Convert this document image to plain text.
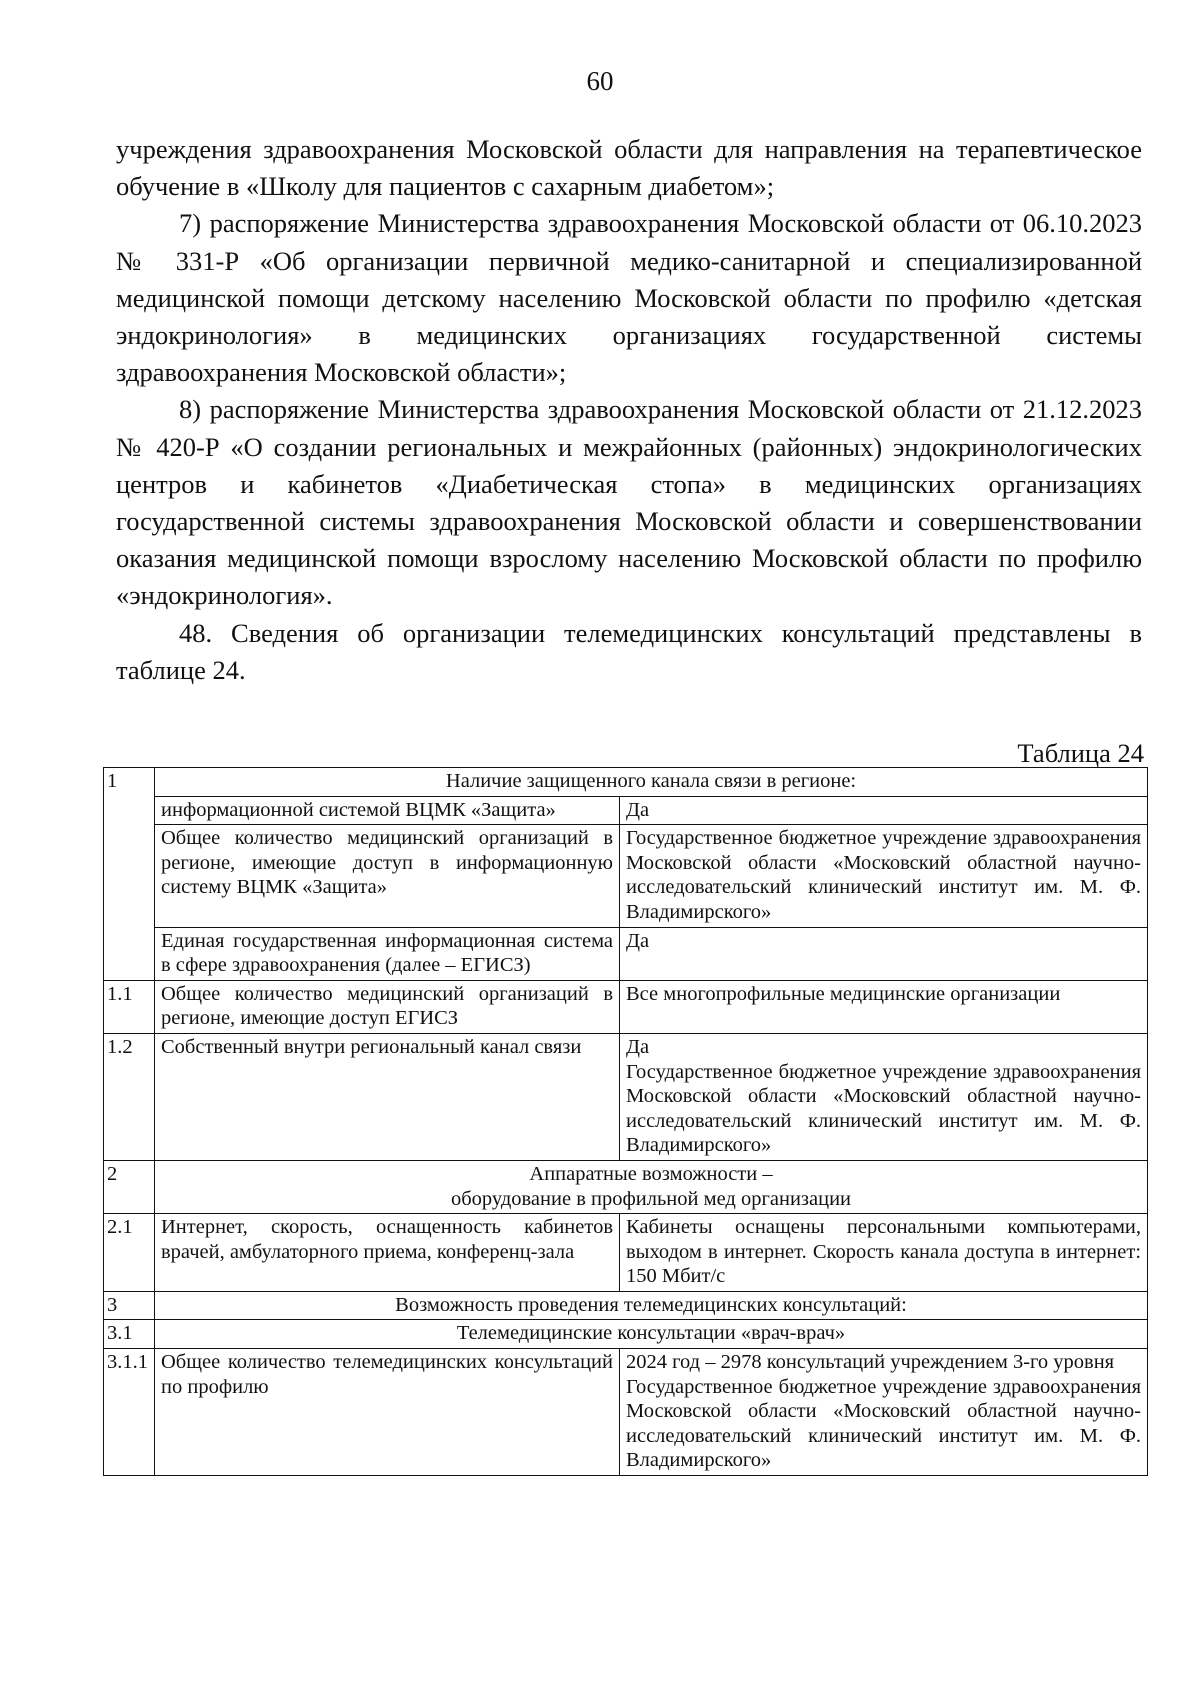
60

учреждения здравоохранения Московской области для направления на терапевтическое обучение в «Школу для пациентов с сахарным диабетом»;

7) распоряжение Министерства здравоохранения Московской области от 06.10.2023 № 331-Р «Об организации первичной медико-санитарной и специализированной медицинской помощи детскому населению Московской области по профилю «детская эндокринология» в медицинских организациях государственной системы здравоохранения Московской области»;

8) распоряжение Министерства здравоохранения Московской области от 21.12.2023 № 420-Р «О создании региональных и межрайонных (районных) эндокринологических центров и кабинетов «Диабетическая стопа» в медицинских организациях государственной системы здравоохранения Московской области и совершенствовании оказания медицинской помощи взрослому населению Московской области по профилю «эндокринология».

48. Сведения об организации телемедицинских консультаций представлены в таблице 24.

Таблица 24
1	Наличие защищенного канала связи в регионе:	
	информационной системой ВЦМК «Защита»	Да
	Общее количество медицинский организаций в регионе, имеющие доступ в информационную систему ВЦМК «Защита»	Государственное бюджетное учреждение здравоохранения Московской области «Московский областной научно-исследовательский клинический институт им. М. Ф. Владимирского»
	Единая государственная информационная система в сфере здравоохранения (далее – ЕГИСЗ)	Да
1.1	Общее количество медицинский организаций в регионе, имеющие доступ ЕГИСЗ	Все многопрофильные медицинские организации
1.2	Собственный внутри региональный канал связи	Да
Государственное бюджетное учреждение здравоохранения Московской области «Московский областной научно-исследовательский клинический институт им. М. Ф. Владимирского»

2	Аппаратные возможности –
оборудование в профильной мед организации	

2.1	Интернет, скорость, оснащенность кабинетов врачей, амбулаторного приема, конференц-зала	Кабинеты оснащены персональными компьютерами, выходом в интернет. Скорость канала доступа в интернет: 150 Мбит/с
3	Возможность проведения телемедицинских консультаций:	
3.1	Телемедицинские консультации «врач-врач»	
3.1.1	Общее количество телемедицинских консультаций по профилю	2024 год – 2978 консультаций учреждением 3-го уровня
Государственное бюджетное учреждение здравоохранения Московской области «Московский областной научно-исследовательский клинический институт им. М. Ф. Владимирского»
